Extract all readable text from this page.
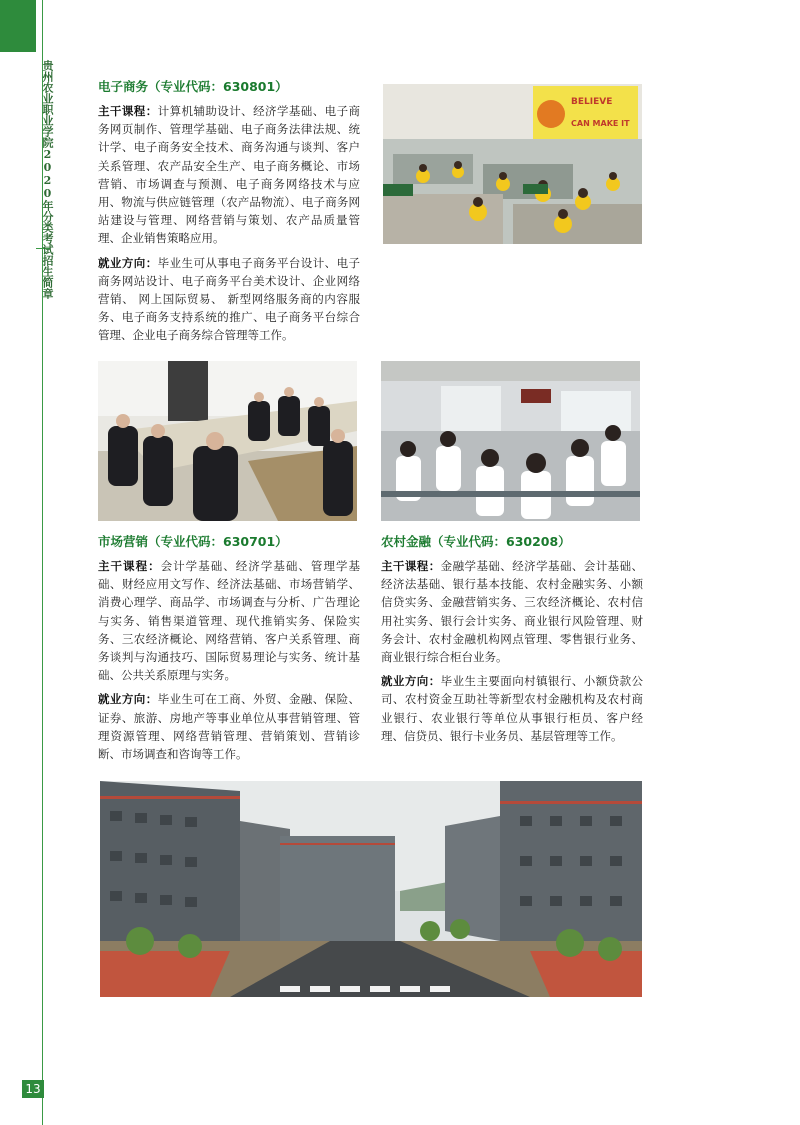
贵州农业职业学院2020年分类考试招生简章
13
电子商务（专业代码：630801）

主干课程：计算机辅助设计、经济学基础、电子商务网页制作、管理学基础、电子商务法律法规、统计学、电子商务安全技术、商务沟通与谈判、客户关系管理、农产品安全生产、电子商务概论、市场营销、市场调查与预测、电子商务网络技术与应用、物流与供应链管理（农产品物流）、电子商务网站建设与管理、网络营销与策划、农产品质量管理、企业销售策略应用。

就业方向：毕业生可从事电子商务平台设计、电子商务网站设计、电子商务平台美术设计、企业网络营销、 网上国际贸易、 新型网络服务商的内容服务、电子商务支持系统的推广、电子商务平台综合管理、企业电子商务综合管理等工作。

BELIEVE
CAN MAKE IT
市场营销（专业代码：630701）

主干课程：会计学基础、经济学基础、管理学基础、财经应用文写作、经济法基础、市场营销学、消费心理学、商品学、市场调查与分析、广告理论与实务、销售渠道管理、现代推销实务、保险实务、三农经济概论、网络营销、客户关系管理、商务谈判与沟通技巧、国际贸易理论与实务、统计基础、公共关系原理与实务。

就业方向：毕业生可在工商、外贸、金融、保险、证券、旅游、房地产等事业单位从事营销管理、管理资源管理、网络营销管理、营销策划、营销诊断、市场调查和咨询等工作。

农村金融（专业代码：630208）

主干课程：金融学基础、经济学基础、会计基础、经济法基础、银行基本技能、农村金融实务、小额信贷实务、金融营销实务、三农经济概论、农村信用社实务、银行会计实务、商业银行风险管理、财务会计、农村金融机构网点管理、零售银行业务、商业银行综合柜台业务。

就业方向：毕业生主要面向村镇银行、小额贷款公司、农村资金互助社等新型农村金融机构及农村商业银行、农业银行等单位从事银行柜员、客户经理、信贷员、银行卡业务员、基层管理等工作。
